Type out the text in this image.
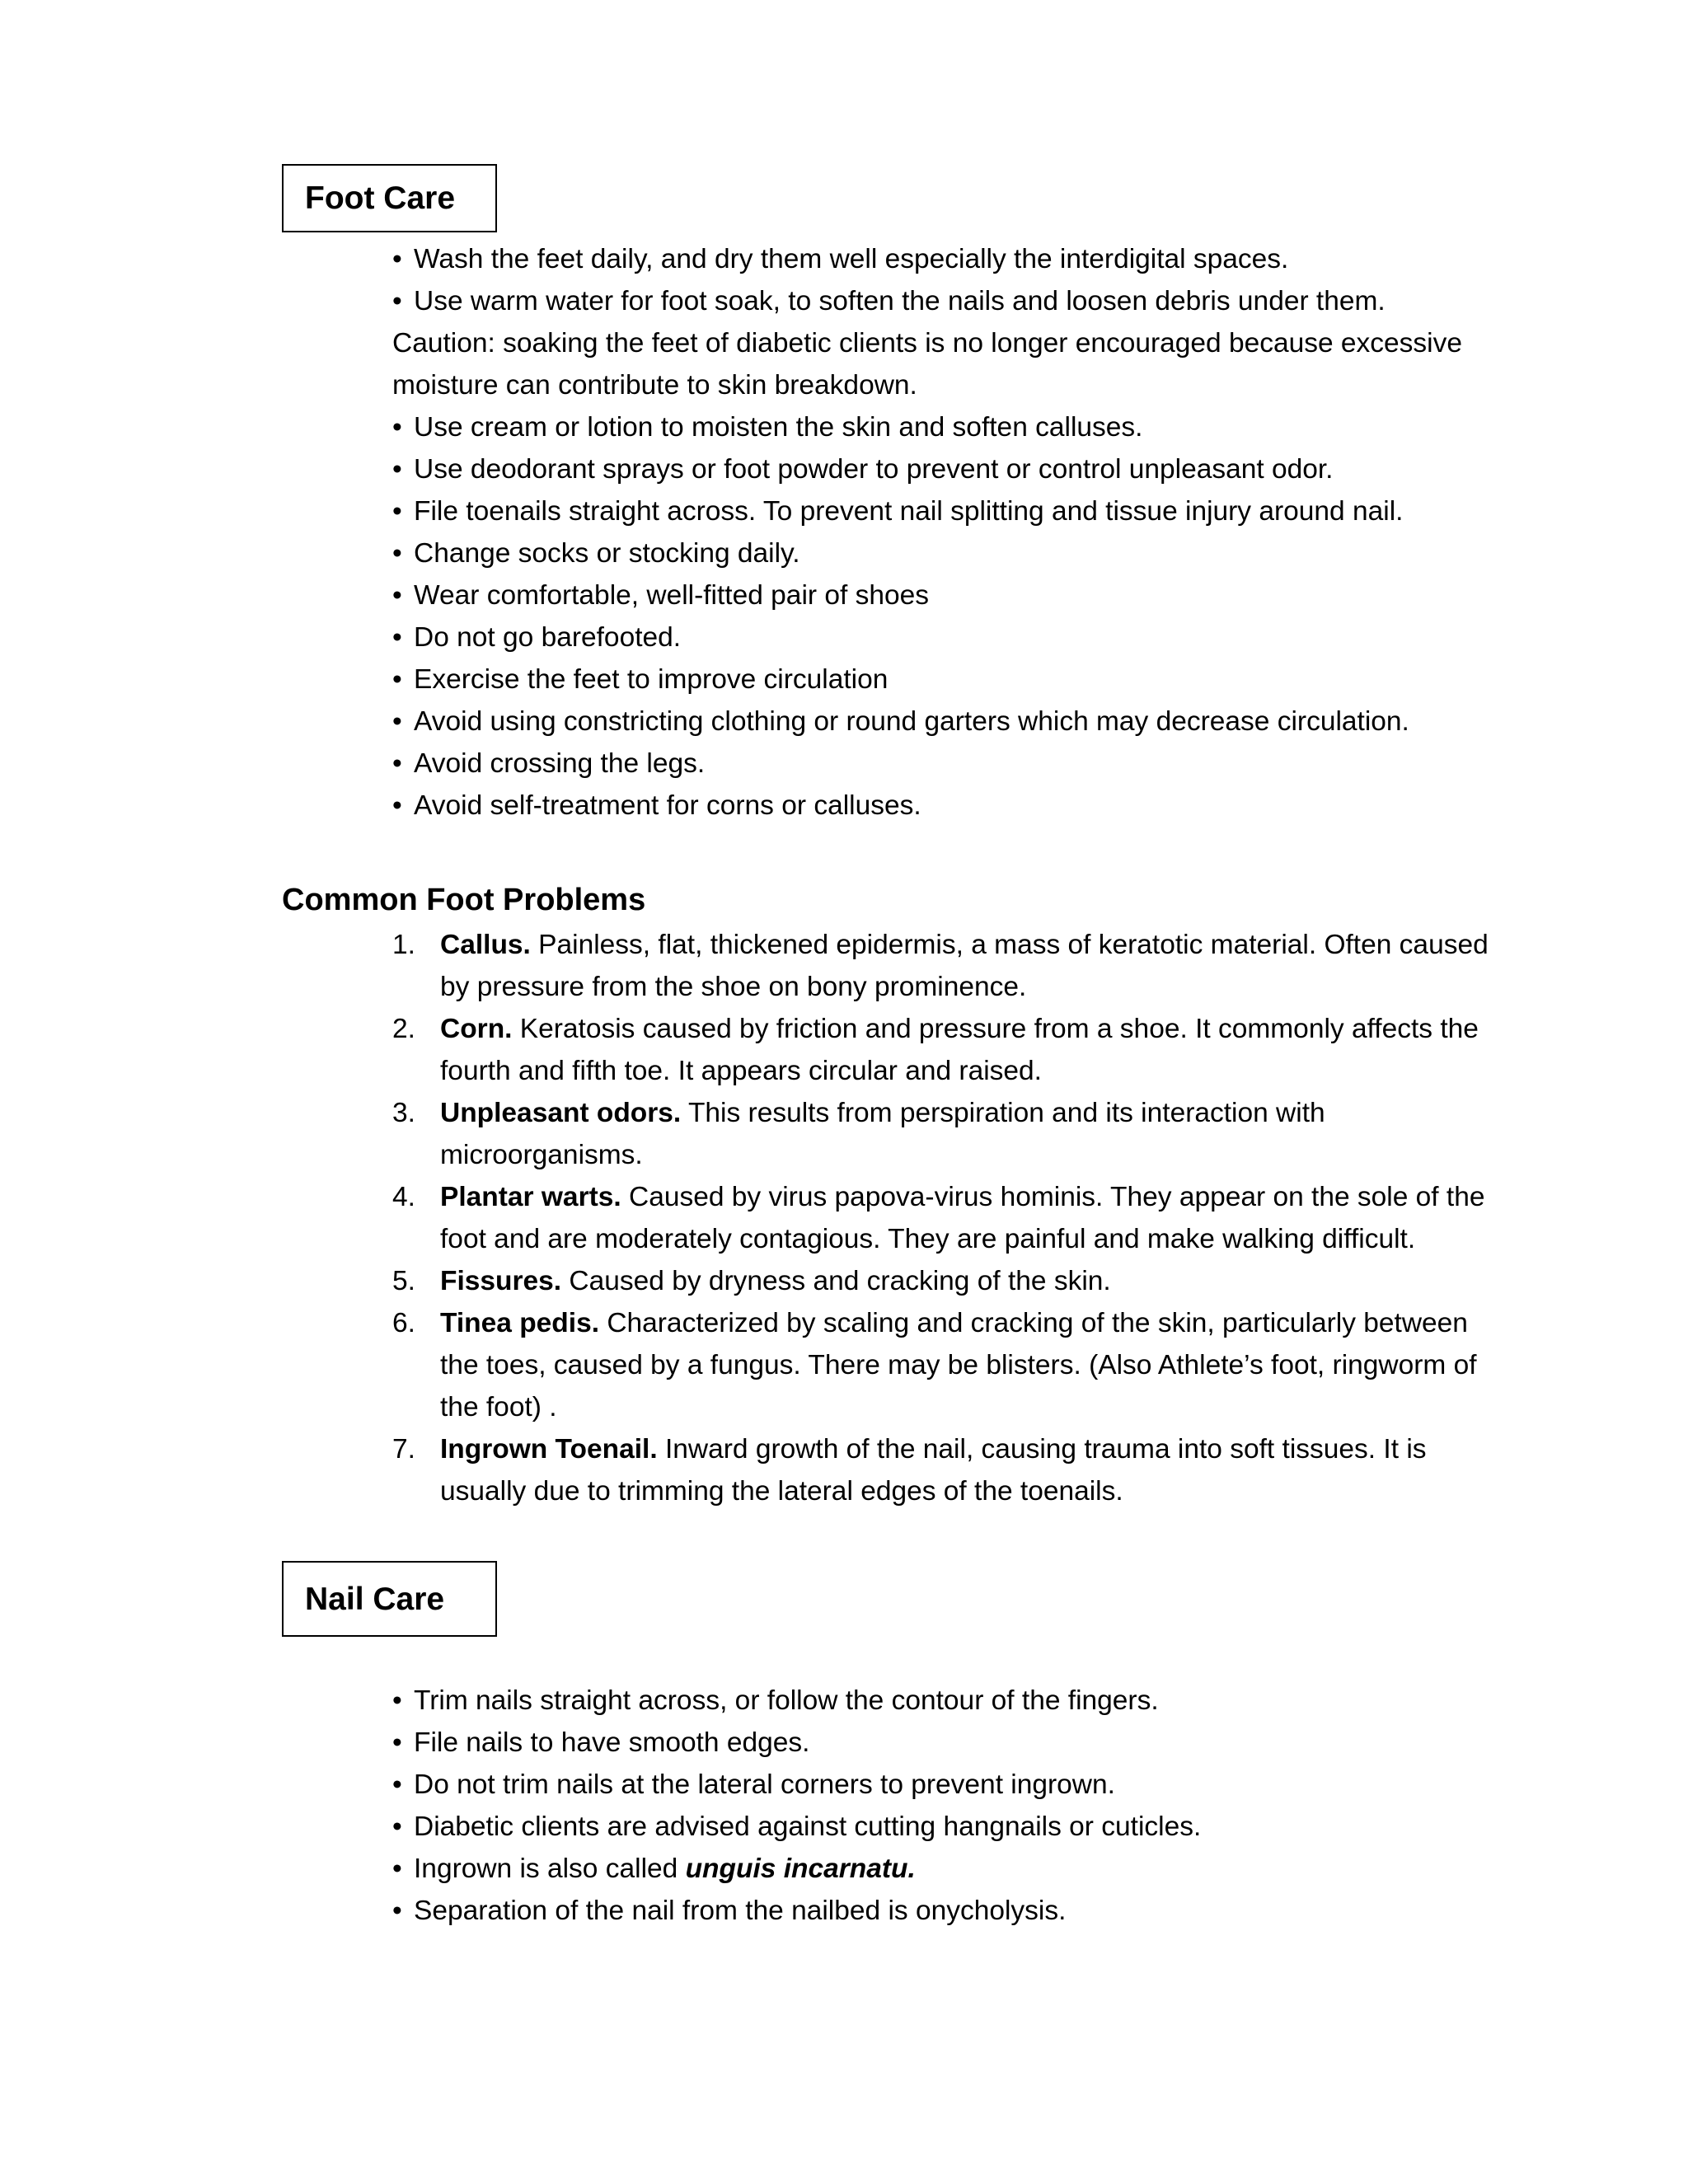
Foot Care
• Wash the feet daily, and dry them well especially the interdigital spaces.
• Use warm water for foot soak, to soften the nails and loosen debris under them.
Caution: soaking the feet of diabetic clients is no longer encouraged because excessive moisture can contribute to skin breakdown.
• Use cream or lotion to moisten the skin and soften calluses.
• Use deodorant sprays or foot powder to prevent or control unpleasant odor.
• File toenails straight across. To prevent nail splitting and tissue injury around nail.
• Change socks or stocking daily.
• Wear comfortable, well-fitted pair of shoes
• Do not go barefooted.
• Exercise the feet to improve circulation
• Avoid using constricting clothing or round garters which may decrease circulation.
• Avoid crossing the legs.
• Avoid self-treatment for corns or calluses.
Common Foot Problems
1. Callus. Painless, flat, thickened epidermis, a mass of keratotic material. Often caused by pressure from the shoe on bony prominence.
2. Corn. Keratosis caused by friction and pressure from a shoe. It commonly affects the fourth and fifth toe. It appears circular and raised.
3. Unpleasant odors. This results from perspiration and its interaction with microorganisms.
4. Plantar warts. Caused by virus papova-virus hominis. They appear on the sole of the foot and are moderately contagious. They are painful and make walking difficult.
5. Fissures. Caused by dryness and cracking of the skin.
6. Tinea pedis. Characterized by scaling and cracking of the skin, particularly between the toes, caused by a fungus. There may be blisters. (Also Athlete’s foot, ringworm of the foot) .
7. Ingrown Toenail. Inward growth of the nail, causing trauma into soft tissues. It is usually due to trimming the lateral edges of the toenails.
Nail Care
• Trim nails straight across, or follow the contour of the fingers.
• File nails to have smooth edges.
• Do not trim nails at the lateral corners to prevent ingrown.
• Diabetic clients are advised against cutting hangnails or cuticles.
• Ingrown is also called unguis incarnatu.
• Separation of the nail from the nailbed is onycholysis.
